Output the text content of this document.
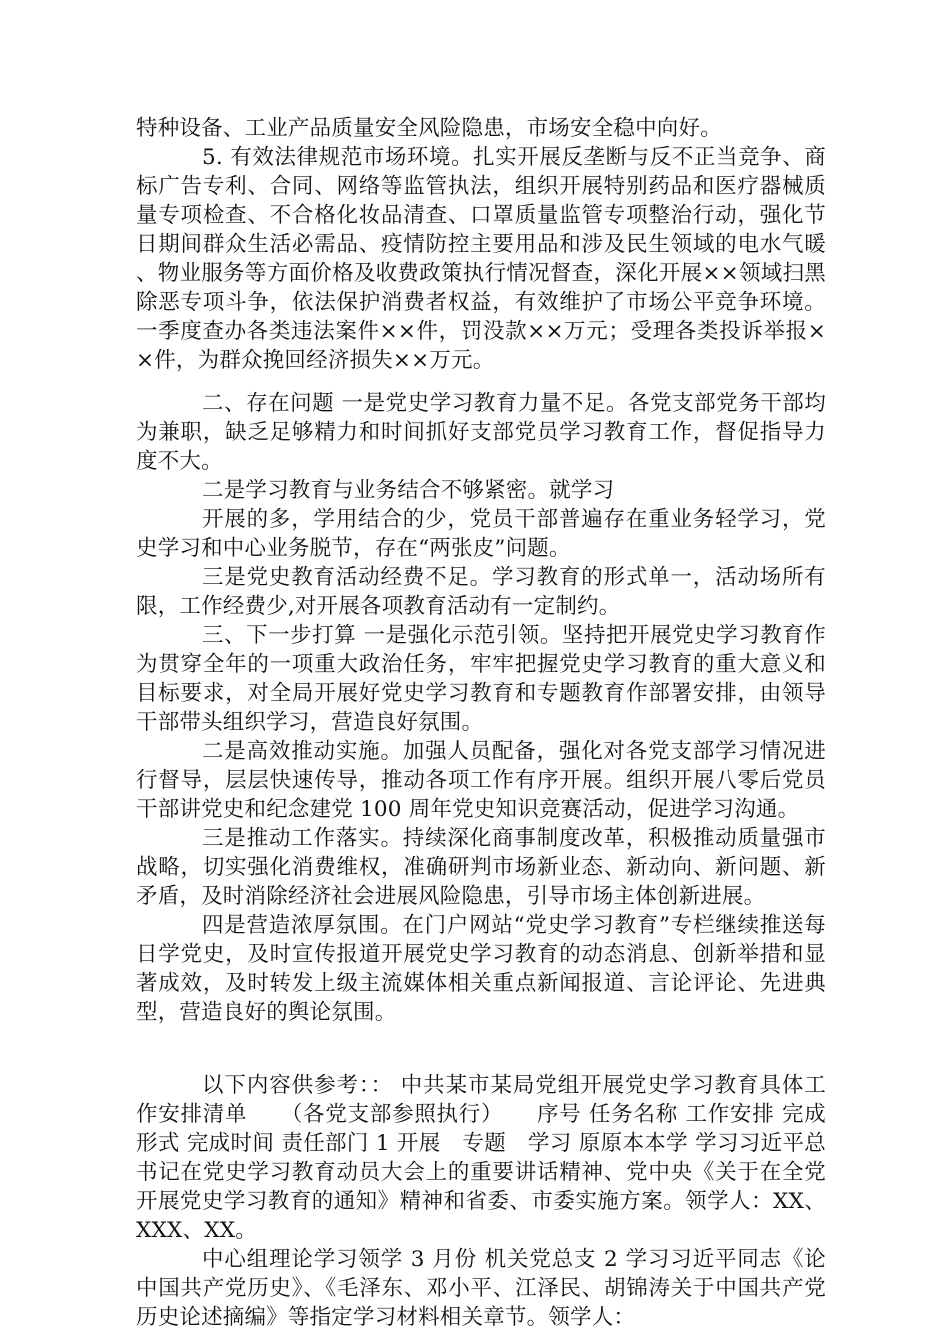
特种设备、工业产品质量安全风险隐患，市场安全稳中向好。

5. 有效法律规范市场环境。扎实开展反垄断与反不正当竞争、商标广告专利、合同、网络等监管执法，组织开展特别药品和医疗器械质量专项检查、不合格化妆品清查、口罩质量监管专项整治行动，强化节日期间群众生活必需品、疫情防控主要用品和涉及民生领域的电水气暖、物业服务等方面价格及收费政策执行情况督查，深化开展××领域扫黑除恶专项斗争，依法保护消费者权益，有效维护了市场公平竞争环境。一季度查办各类违法案件××件，罚没款××万元；受理各类投诉举报××件，为群众挽回经济损失××万元。

二、存在问题 一是党史学习教育力量不足。各党支部党务干部均为兼职，缺乏足够精力和时间抓好支部党员学习教育工作，督促指导力度不大。

二是学习教育与业务结合不够紧密。就学习

开展的多，学用结合的少，党员干部普遍存在重业务轻学习，党史学习和中心业务脱节，存在“两张皮”问题。

三是党史教育活动经费不足。学习教育的形式单一，活动场所有限，工作经费少,对开展各项教育活动有一定制约。

三、下一步打算 一是强化示范引领。坚持把开展党史学习教育作为贯穿全年的一项重大政治任务，牢牢把握党史学习教育的重大意义和目标要求，对全局开展好党史学习教育和专题教育作部署安排，由领导干部带头组织学习，营造良好氛围。

二是高效推动实施。加强人员配备，强化对各党支部学习情况进行督导，层层快速传导，推动各项工作有序开展。组织开展八零后党员干部讲党史和纪念建党 100 周年党史知识竞赛活动，促进学习沟通。

三是推动工作落实。持续深化商事制度改革，积极推动质量强市战略，切实强化消费维权，准确研判市场新业态、新动向、新问题、新矛盾，及时消除经济社会进展风险隐患，引导市场主体创新进展。

四是营造浓厚氛围。在门户网站“党史学习教育”专栏继续推送每日学党史，及时宣传报道开展党史学习教育的动态消息、创新举措和显著成效，及时转发上级主流媒体相关重点新闻报道、言论评论、先进典型，营造良好的舆论氛围。

以下内容供参考：： 中共某市某局党组开展党史学习教育具体工作安排清单　　（各党支部参照执行）　　序号 任务名称 工作安排 完成形式 完成时间 责任部门 1 开展　专题　学习 原原本本学 学习习近平总书记在党史学习教育动员大会上的重要讲话精神、党中央《关于在全党开展党史学习教育的通知》精神和省委、市委实施方案。领学人：XX、XXX、XX。

中心组理论学习领学 3 月份 机关党总支 2 学习习近平同志《论中国共产党历史》、《毛泽东、邓小平、江泽民、胡锦涛关于中国共产党历史论述摘编》等指定学习材料相关章节。领学人：
